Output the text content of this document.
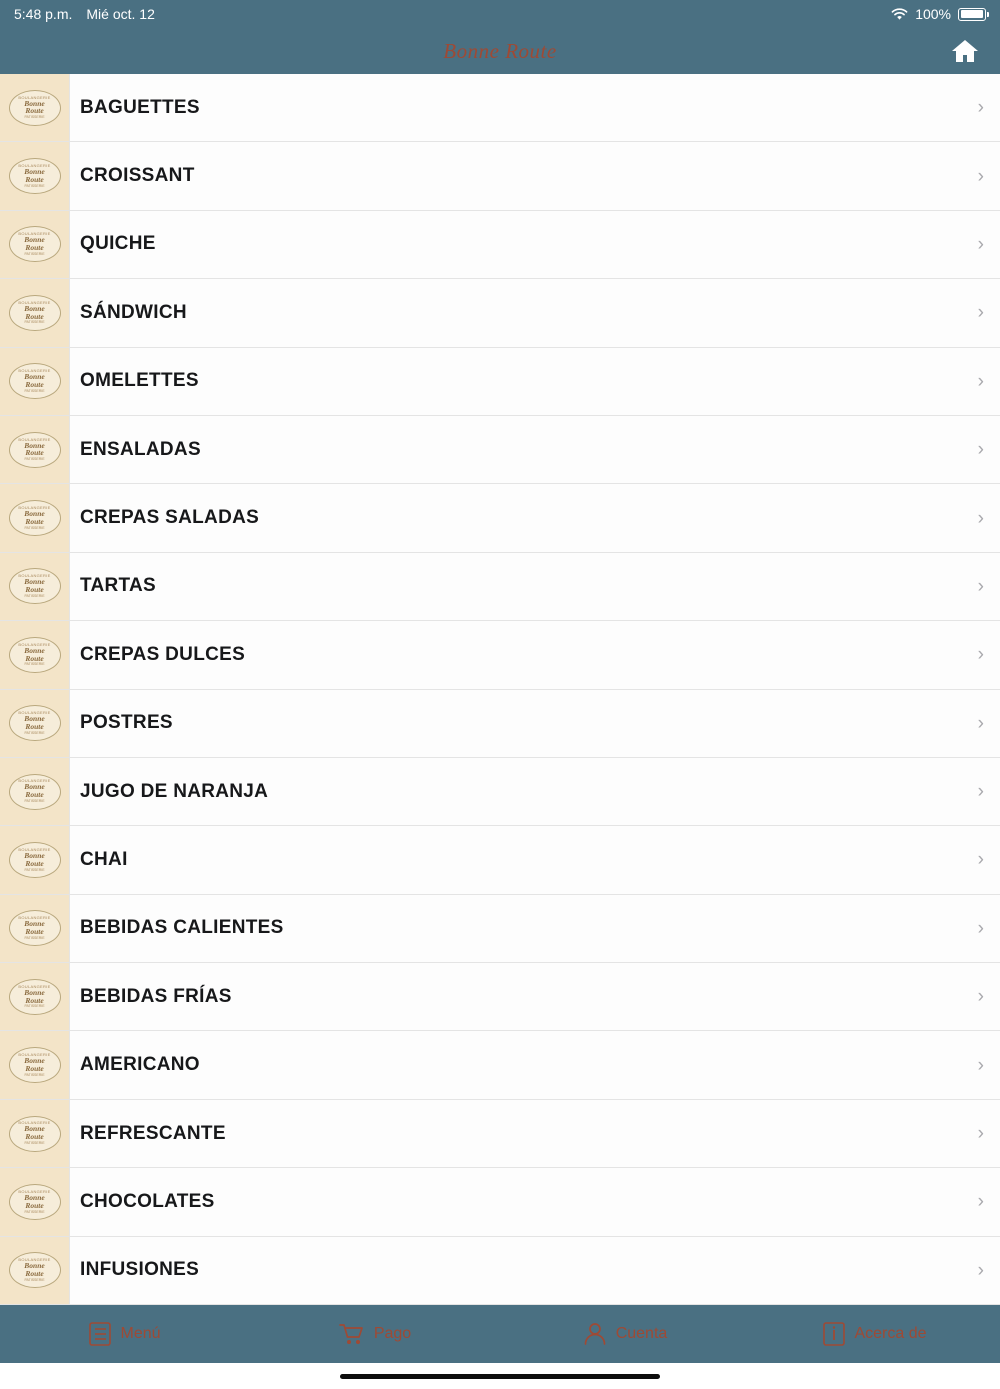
5:48 p.m. Mié oct. 12	100%
Bonne Route
BOULANGERIE
Bonne
Route
PATISSERIE	BAGUETTES	›
BOULANGERIE
Bonne
Route
PATISSERIE	CROISSANT	›
BOULANGERIE
Bonne
Route
PATISSERIE	QUICHE	›
BOULANGERIE
Bonne
Route
PATISSERIE	SÁNDWICH	›
BOULANGERIE
Bonne
Route
PATISSERIE	OMELETTES	›
BOULANGERIE
Bonne
Route
PATISSERIE	ENSALADAS	›
BOULANGERIE
Bonne
Route
PATISSERIE	CREPAS SALADAS	›
BOULANGERIE
Bonne
Route
PATISSERIE	TARTAS	›
BOULANGERIE
Bonne
Route
PATISSERIE	CREPAS DULCES	›
BOULANGERIE
Bonne
Route
PATISSERIE	POSTRES	›
BOULANGERIE
Bonne
Route
PATISSERIE	JUGO DE NARANJA	›
BOULANGERIE
Bonne
Route
PATISSERIE	CHAI	›
BOULANGERIE
Bonne
Route
PATISSERIE	BEBIDAS CALIENTES	›
BOULANGERIE
Bonne
Route
PATISSERIE	BEBIDAS FRÍAS	›
BOULANGERIE
Bonne
Route
PATISSERIE	AMERICANO	›
BOULANGERIE
Bonne
Route
PATISSERIE	REFRESCANTE	›
BOULANGERIE
Bonne
Route
PATISSERIE	CHOCOLATES	›
BOULANGERIE
Bonne
Route
PATISSERIE	INFUSIONES	›
Menú	Pago	Cuenta	Acerca de
